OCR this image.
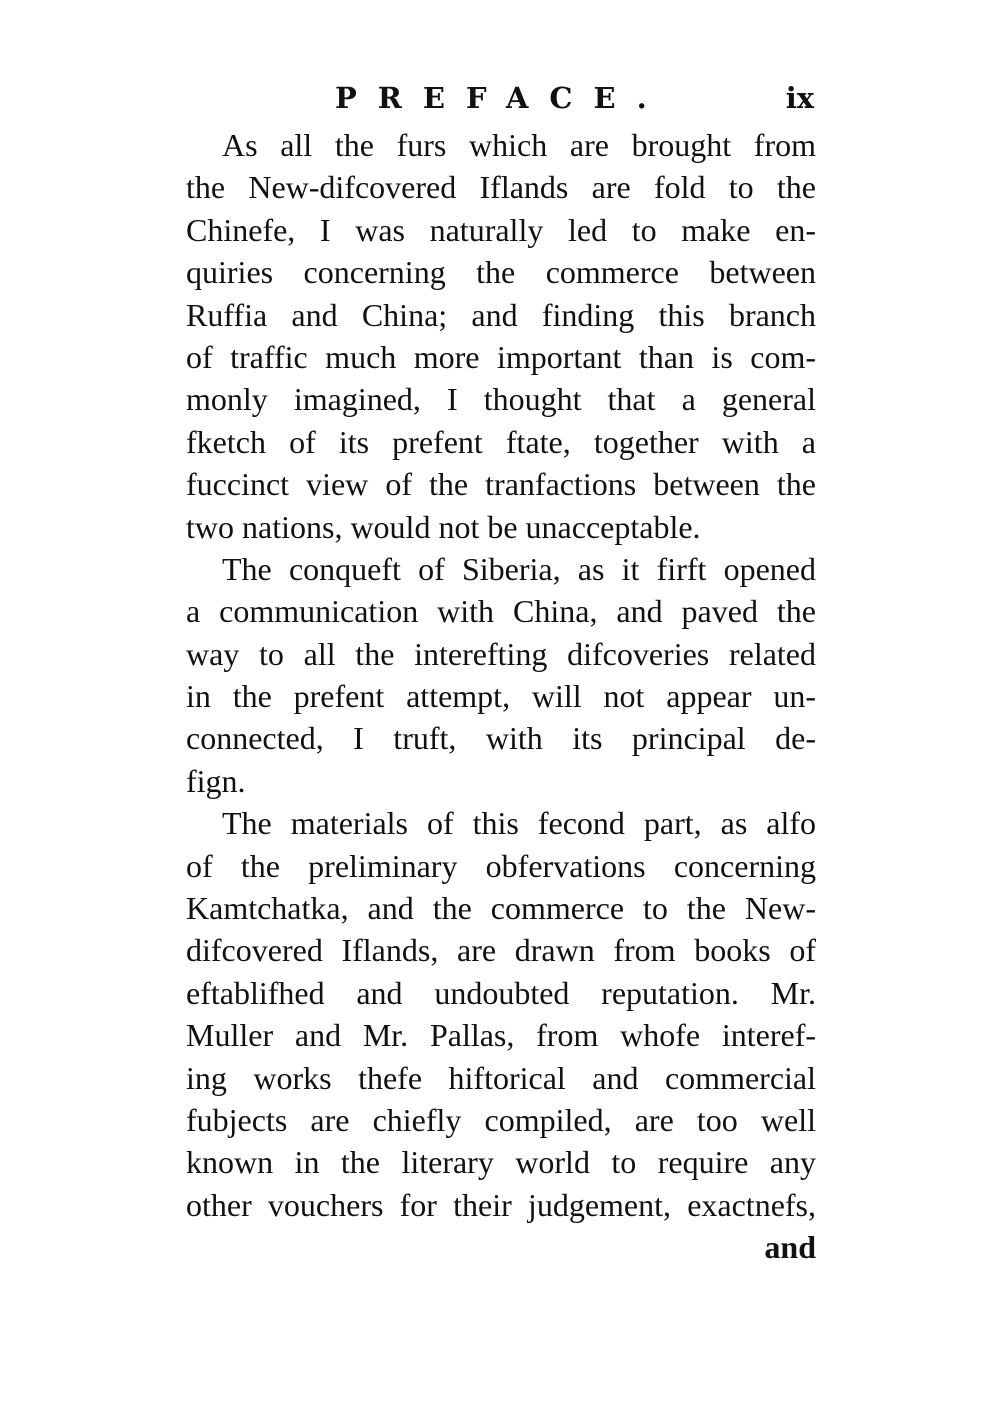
PREFACE.	ix
As all the furs which are brought from
the New-difcovered Iflands are fold to the
Chinefe, I was naturally led to make en-
quiries concerning the commerce between
Ruffia and China; and finding this branch
of traffic much more important than is com-
monly imagined, I thought that a general
fketch of its prefent ftate, together with a
fuccinct view of the tranfactions between the
two nations, would not be unacceptable.
The conqueft of Siberia, as it firft opened
a communication with China, and paved the
way to all the interefting difcoveries related
in the prefent attempt, will not appear un-
connected, I truft, with its principal de-
fign.
The materials of this fecond part, as alfo
of the preliminary obfervations concerning
Kamtchatka, and the commerce to the New-
difcovered Iflands, are drawn from books of
eftablifhed and undoubted reputation. Mr.
Muller and Mr. Pallas, from whofe interef-
ing works thefe hiftorical and commercial
fubjects are chiefly compiled, are too well
known in the literary world to require any
other vouchers for their judgement, exactnefs,
and
